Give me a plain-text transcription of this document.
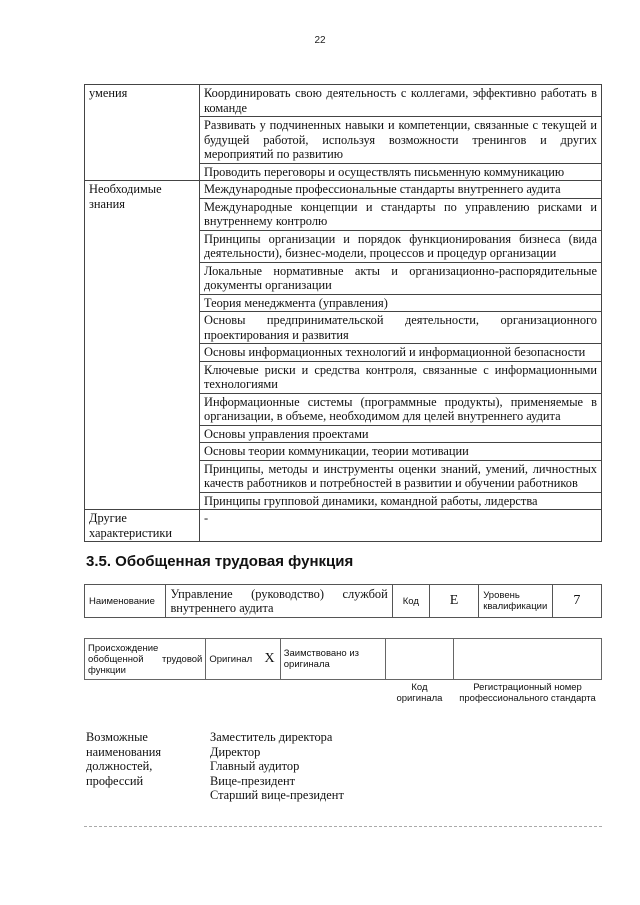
22
умения	Координировать свою деятельность с коллегами, эффективно работать в команде
	Развивать у подчиненных навыки и компетенции, связанные с текущей и будущей работой, используя возможности тренингов и других мероприятий по развитию
	Проводить переговоры и осуществлять письменную коммуникацию
Необходимые знания	Международные профессиональные стандарты внутреннего аудита
	Международные концепции и стандарты по управлению рисками и внутреннему контролю
	Принципы организации и порядок функционирования бизнеса (вида деятельности), бизнес-модели, процессов и процедур организации
	Локальные нормативные акты и организационно-распорядительные документы организации
	Теория менеджмента (управления)
	Основы предпринимательской деятельности, организационного проектирования и развития
	Основы информационных технологий и информационной безопасности
	Ключевые риски и средства контроля, связанные с информационными технологиями
	Информационные системы (программные продукты), применяемые в организации, в объеме, необходимом для целей внутреннего аудита
	Основы управления проектами
	Основы теории коммуникации, теории мотивации
	Принципы, методы и инструменты оценки знаний, умений, личностных качеств работников и потребностей в развитии и обучении работников
	Принципы групповой динамики, командной работы, лидерства
Другие характеристики	-
3.5. Обобщенная трудовая функция
Наименование	Управление (руководство) службой внутреннего аудита	Код	E	Уровень квалификации	7
Происхождение обобщенной трудовой функции	Оригинал	X	Заимствовано из оригинала		
				Код оригинала	Регистрационный номер профессионального стандарта
Возможные наименования должностей, профессий
Заместитель директора
Директор
Главный аудитор
Вице-президент
Старший вице-президент
